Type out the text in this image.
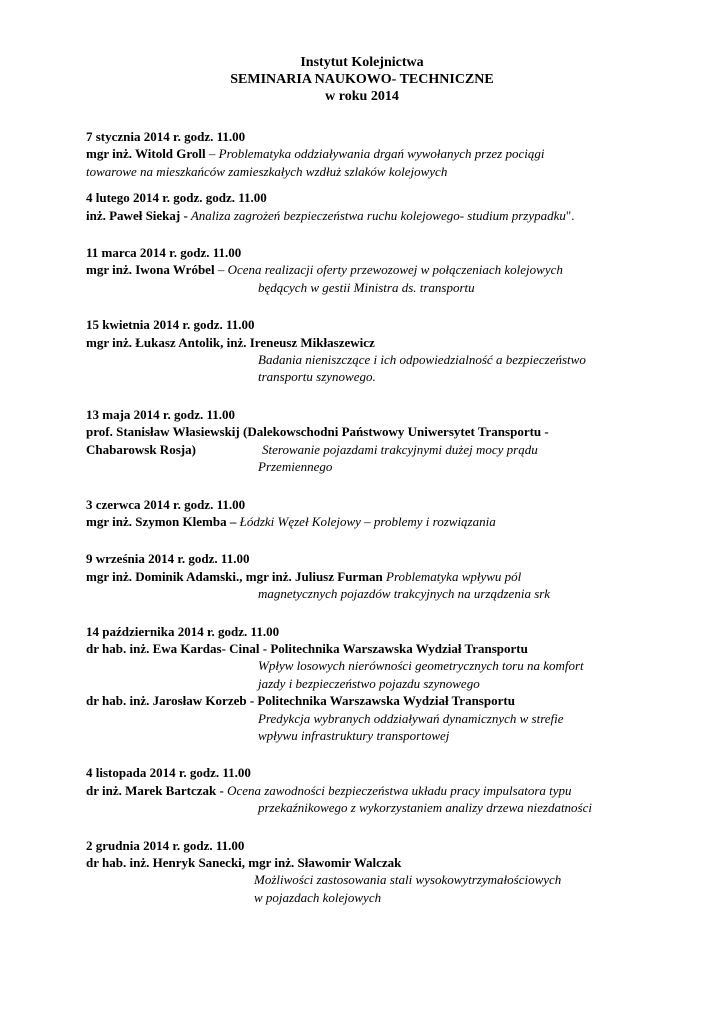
Instytut Kolejnictwa
SEMINARIA NAUKOWO- TECHNICZNE
w roku 2014
7 stycznia 2014 r. godz. 11.00
mgr inż. Witold Groll – Problematyka oddziaływania drgań wywołanych przez pociągi
towarowe na mieszkańców zamieszkałych wzdłuż szlaków kolejowych
4 lutego 2014 r. godz. godz. 11.00
inż. Paweł Siekaj - Analiza zagrożeń bezpieczeństwa ruchu kolejowego- studium przypadku".
11 marca 2014 r. godz. 11.00
mgr inż. Iwona Wróbel – Ocena realizacji oferty przewozowej w połączeniach kolejowych
będących w gestii Ministra ds. transportu
15 kwietnia 2014 r. godz. 11.00
mgr inż. Łukasz Antolik, inż. Ireneusz Mikłaszewicz
Badania nieniszczące i ich odpowiedzialność a bezpieczeństwo
transportu szynowego.
13 maja 2014 r. godz. 11.00
prof. Stanisław Własiewskij (Dalekowschodni Państwowy Uniwersytet Transportu -
Chabarowsk Rosja)	Sterowanie pojazdami trakcyjnymi dużej mocy prądu
Przemiennego
3 czerwca 2014 r. godz. 11.00
mgr inż. Szymon Klemba – Łódzki Węzeł Kolejowy – problemy i rozwiązania
9 września 2014 r. godz. 11.00
mgr inż. Dominik Adamski., mgr inż. Juliusz Furman Problematyka wpływu pól
magnetycznych pojazdów trakcyjnych na urządzenia srk
14 października 2014 r. godz. 11.00
dr hab. inż. Ewa Kardas- Cinal - Politechnika Warszawska Wydział Transportu
Wpływ losowych nierówności geometrycznych toru na komfort
jazdy i bezpieczeństwo pojazdu szynowego
dr hab. inż. Jarosław Korzeb - Politechnika Warszawska Wydział Transportu
Predykcja wybranych oddziaływań dynamicznych w strefie
wpływu infrastruktury transportowej
4 listopada 2014 r. godz. 11.00
dr inż. Marek Bartczak - Ocena zawodności bezpieczeństwa układu pracy impulsatora typu
przekaźnikowego z wykorzystaniem analizy drzewa niezdatności
2 grudnia 2014 r. godz. 11.00
dr hab. inż. Henryk Sanecki, mgr inż. Sławomir Walczak
Możliwości zastosowania stali wysokowytrzymałościowych
w pojazdach kolejowych
